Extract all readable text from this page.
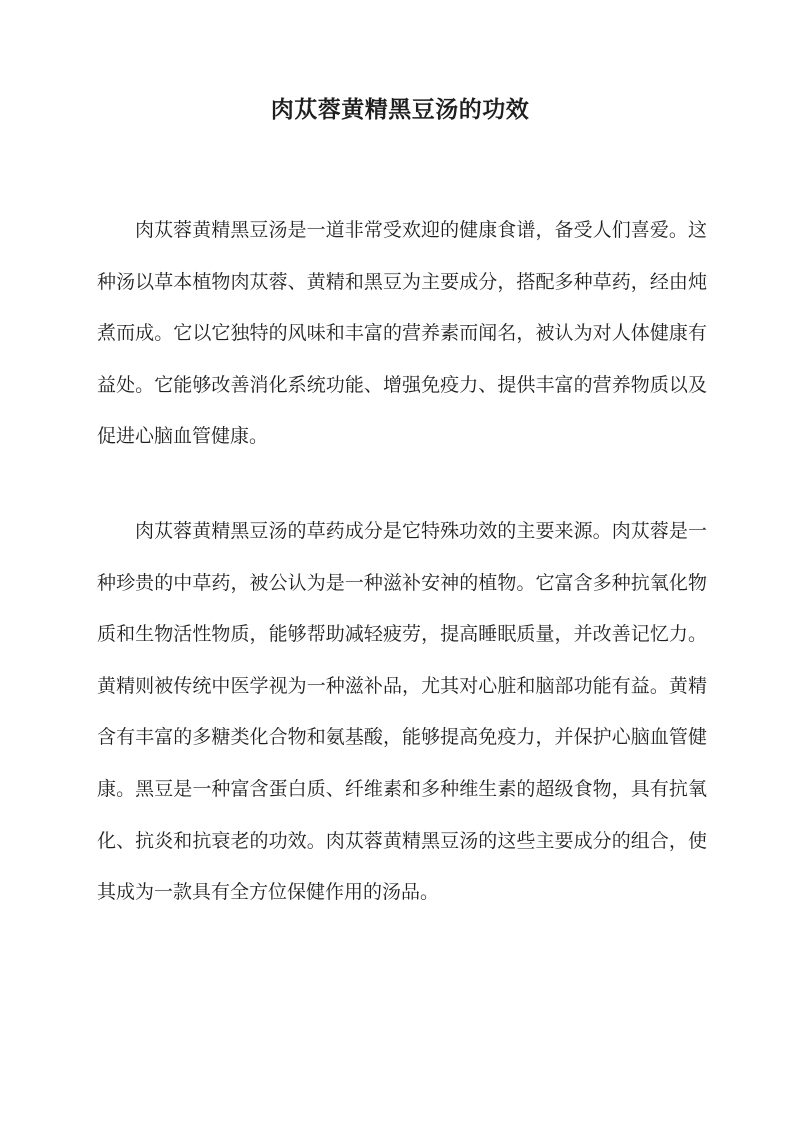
肉苁蓉黄精黑豆汤的功效

肉苁蓉黄精黑豆汤是一道非常受欢迎的健康食谱，备受人们喜爱。这种汤以草本植物肉苁蓉、黄精和黑豆为主要成分，搭配多种草药，经由炖煮而成。它以它独特的风味和丰富的营养素而闻名，被认为对人体健康有益处。它能够改善消化系统功能、增强免疫力、提供丰富的营养物质以及促进心脑血管健康。

肉苁蓉黄精黑豆汤的草药成分是它特殊功效的主要来源。肉苁蓉是一种珍贵的中草药，被公认为是一种滋补安神的植物。它富含多种抗氧化物质和生物活性物质，能够帮助减轻疲劳，提高睡眠质量，并改善记忆力。黄精则被传统中医学视为一种滋补品，尤其对心脏和脑部功能有益。黄精含有丰富的多糖类化合物和氨基酸，能够提高免疫力，并保护心脑血管健康。黑豆是一种富含蛋白质、纤维素和多种维生素的超级食物，具有抗氧化、抗炎和抗衰老的功效。肉苁蓉黄精黑豆汤的这些主要成分的组合，使其成为一款具有全方位保健作用的汤品。
